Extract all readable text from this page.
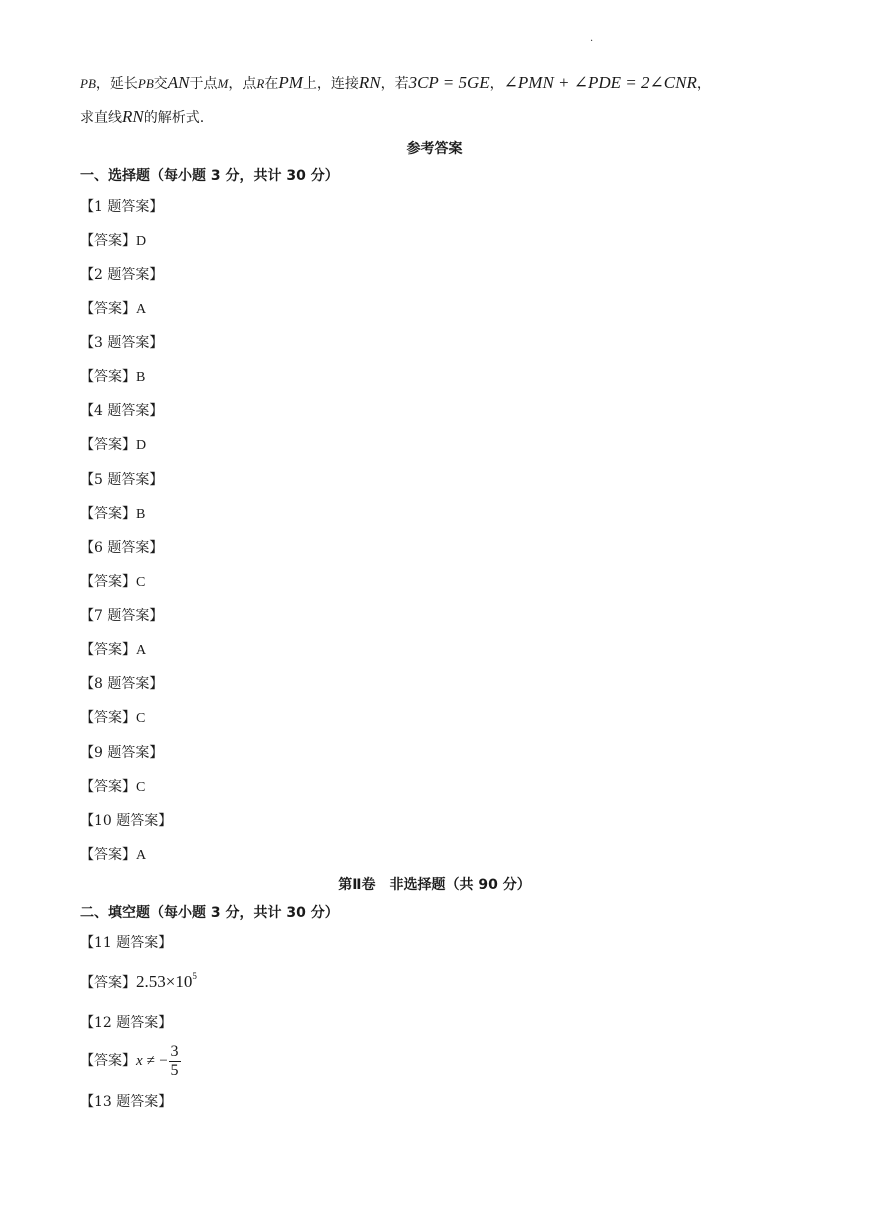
.
PB，延长PB交AN于点M，点R在PM上，连接RN，若3CP = 5GE，∠PMN + ∠PDE = 2∠CNR，
求直线RN的解析式.
参考答案
一、选择题（每小题 3 分，共计 30 分）
【1 题答案】
【答案】D
【2 题答案】
【答案】A
【3 题答案】
【答案】B
【4 题答案】
【答案】D
【5 题答案】
【答案】B
【6 题答案】
【答案】C
【7 题答案】
【答案】A
【8 题答案】
【答案】C
【9 题答案】
【答案】C
【10 题答案】
【答案】A
第Ⅱ卷　非选择题（共 90 分）
二、填空题（每小题 3 分，共计 30 分）
【11 题答案】
【答案】$2.53\times 10^5$
【12 题答案】
【答案】x ≠ − $\frac{3}{5}$
【13 题答案】
